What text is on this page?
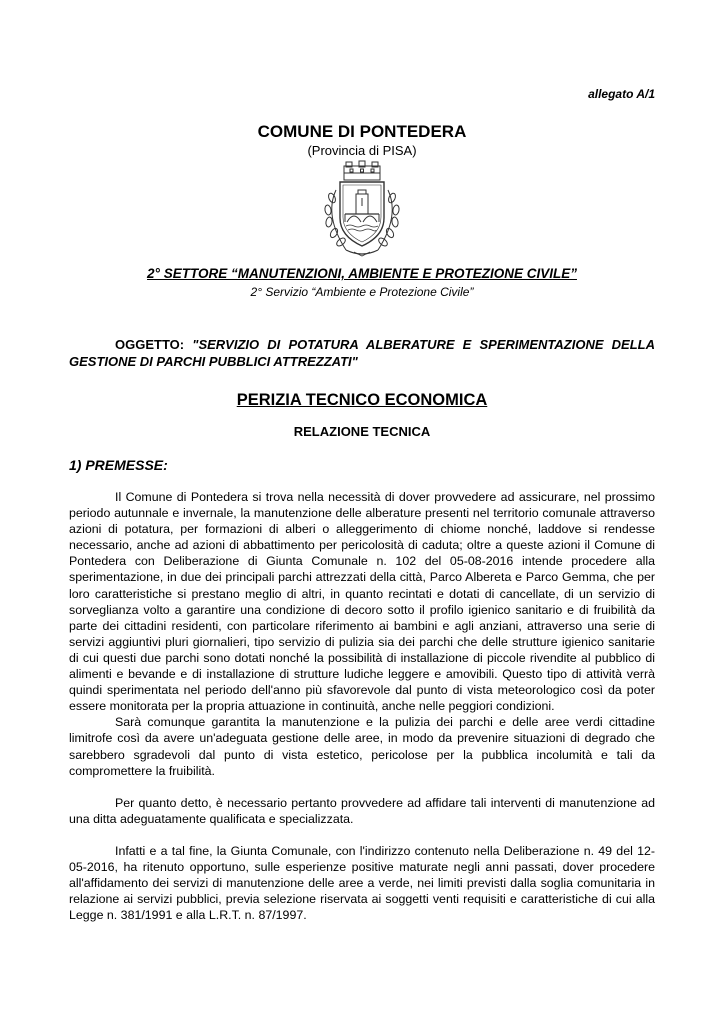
allegato A/1
COMUNE DI PONTEDERA
(Provincia di PISA)
2° SETTORE “MANUTENZIONI, AMBIENTE E PROTEZIONE CIVILE”
2° Servizio “Ambiente e Protezione Civile”
OGGETTO: "SERVIZIO DI POTATURA ALBERATURE E SPERIMENTAZIONE DELLA GESTIONE DI PARCHI PUBBLICI ATTREZZATI"
PERIZIA TECNICO ECONOMICA
RELAZIONE TECNICA
1) PREMESSE:

Il Comune di Pontedera si trova nella necessità di dover provvedere ad assicurare, nel prossimo periodo autunnale e invernale, la manutenzione delle alberature presenti nel territorio comunale attraverso azioni di potatura, per formazioni di alberi o alleggerimento di chiome nonché, laddove si rendesse necessario, anche ad azioni di abbattimento per pericolosità di caduta; oltre a queste azioni il Comune di Pontedera con Deliberazione di Giunta Comunale n. 102 del 05-08-2016 intende procedere alla sperimentazione, in due dei principali parchi attrezzati della città, Parco Albereta e Parco Gemma, che per loro caratteristiche si prestano meglio di altri, in quanto recintati e dotati di cancellate, di un servizio di sorveglianza volto a garantire una condizione di decoro sotto il profilo igienico sanitario e di fruibilità da parte dei cittadini residenti, con particolare riferimento ai bambini e agli anziani, attraverso una serie di servizi aggiuntivi pluri giornalieri, tipo servizio di pulizia sia dei parchi che delle strutture igienico sanitarie di cui questi due parchi sono dotati nonché la possibilità di installazione di piccole rivendite al pubblico di alimenti e bevande e di installazione di strutture ludiche leggere e amovibili. Questo tipo di attività verrà quindi sperimentata nel periodo dell'anno più sfavorevole dal punto di vista meteorologico così da poter essere monitorata per la propria attuazione in continuità, anche nelle peggiori condizioni.

Sarà comunque garantita la manutenzione e la pulizia dei parchi e delle aree verdi cittadine limitrofe così da avere un'adeguata gestione delle aree, in modo da prevenire situazioni di degrado che sarebbero sgradevoli dal punto di vista estetico, pericolose per la pubblica incolumità e tali da compromettere la fruibilità.

Per quanto detto, è necessario pertanto provvedere ad affidare tali interventi di manutenzione ad una ditta adeguatamente qualificata e specializzata.

Infatti e a tal fine, la Giunta Comunale, con l'indirizzo contenuto nella Deliberazione n. 49 del 12-05-2016, ha ritenuto opportuno, sulle esperienze positive maturate negli anni passati, dover procedere all'affidamento dei servizi di manutenzione delle aree a verde, nei limiti previsti dalla soglia comunitaria in relazione ai servizi pubblici, previa selezione riservata ai soggetti venti requisiti e caratteristiche di cui alla Legge n. 381/1991 e alla L.R.T. n. 87/1997.
